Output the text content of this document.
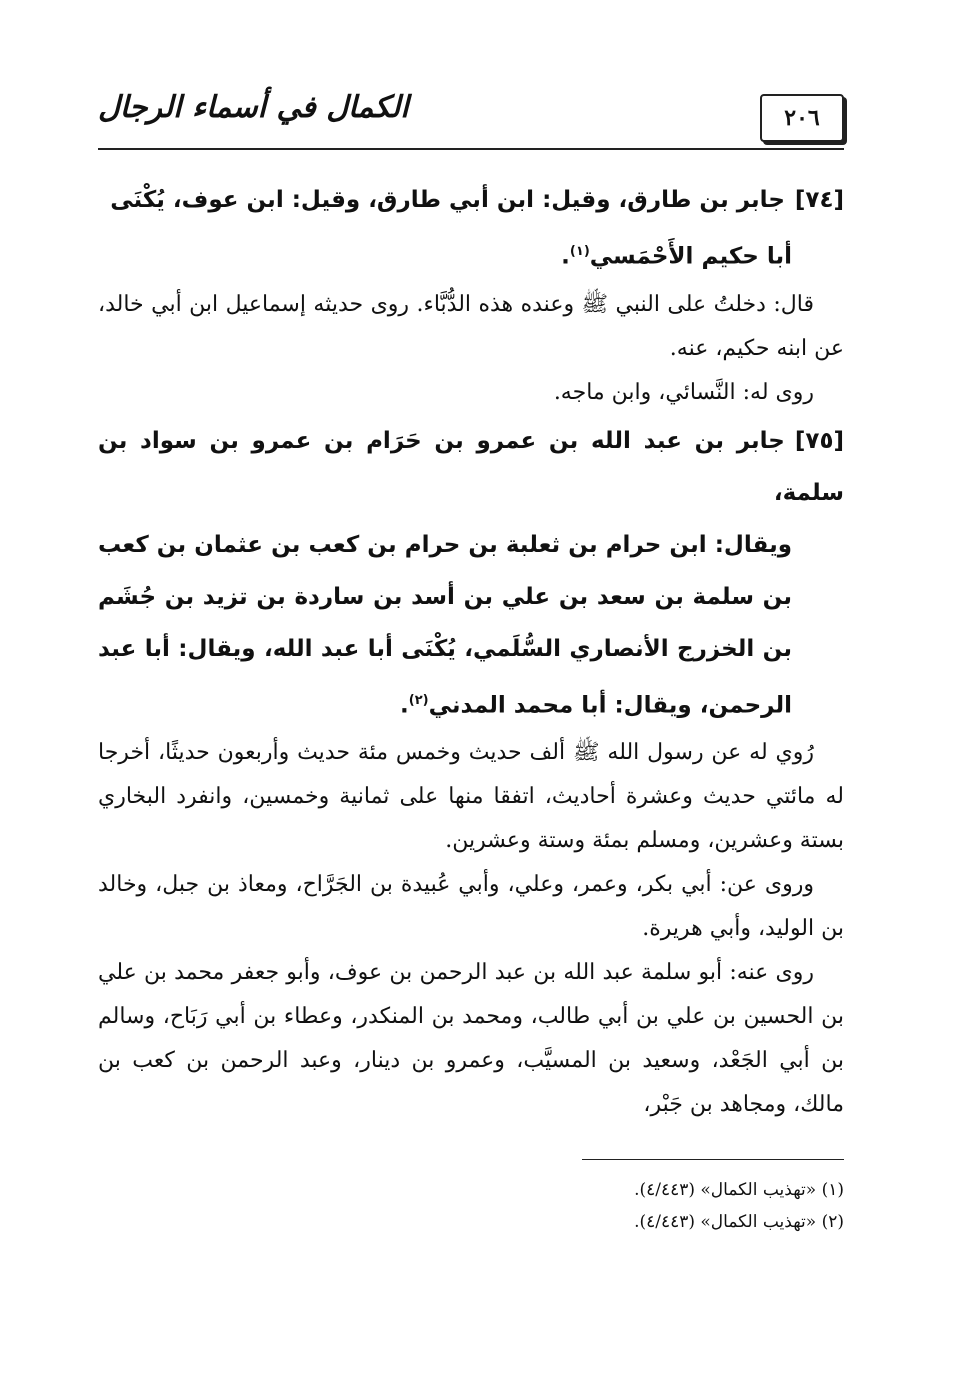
٢٠٦
الكمال في أسماء الرجال

[٧٤]جابر بن طارق، وقيل: ابن أبي طارق، وقيل: ابن عوف، يُكْنَى
أبا حكيم الأَحْمَسي$^{(١)}$.

قال: دخلتُ على النبي ﷺ وعنده هذه الدُّبَّاء. روى حديثه إسماعيل ابن أبي خالد، عن ابنه حكيم، عنه.

روى له: النَّسائي، وابن ماجه.

[٧٥]جابر بن عبد الله بن عمرو بن حَرَام بن عمرو بن سواد بن سلمة،
ويقال: ابن حرام بن ثعلبة بن حرام بن كعب بن عثمان بن كعب بن سلمة بن سعد بن علي بن أسد بن ساردة بن تزيد بن جُشَم بن الخزرج الأنصاري السُّلَمي، يُكْنَى أبا عبد الله، ويقال: أبا عبد الرحمن، ويقال: أبا محمد المدني$^{(٢)}$.

رُوي له عن رسول الله ﷺ ألف حديث وخمس مئة حديث وأربعون حديثًا، أخرجا له مائتي حديث وعشرة أحاديث، اتفقا منها على ثمانية وخمسين، وانفرد البخاري بستة وعشرين، ومسلم بمئة وستة وعشرين.

وروى عن: أبي بكر، وعمر، وعلي، وأبي عُبيدة بن الجَرَّاح، ومعاذ بن جبل، وخالد بن الوليد، وأبي هريرة.

روى عنه: أبو سلمة عبد الله بن عبد الرحمن بن عوف، وأبو جعفر محمد بن علي بن الحسين بن علي بن أبي طالب، ومحمد بن المنكدر، وعطاء بن أبي رَبَاح، وسالم بن أبي الجَعْد، وسعيد بن المسيَّب، وعمرو بن دينار، وعبد الرحمن بن كعب بن مالك، ومجاهد بن جَبْر،

(١) «تهذيب الكمال» (٤/٤٤٣).

(٢) «تهذيب الكمال» (٤/٤٤٣).
